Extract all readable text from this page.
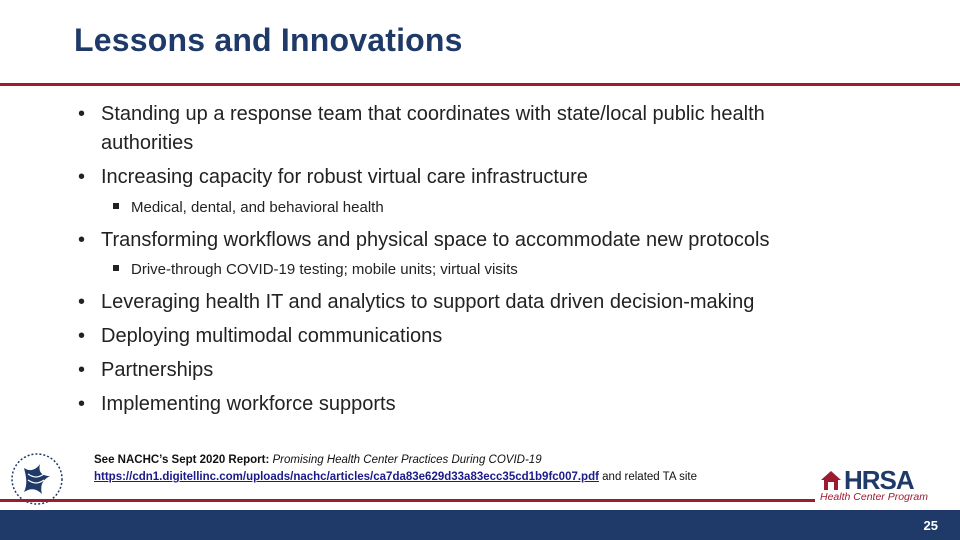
Lessons and Innovations
• Standing up a response team that coordinates with state/local public health authorities
• Increasing capacity for robust virtual care infrastructure
Medical, dental, and behavioral health
• Transforming workflows and physical space to accommodate new protocols
Drive-through COVID-19 testing; mobile units; virtual visits
• Leveraging health IT and analytics to support data driven decision-making
• Deploying multimodal communications
• Partnerships
• Implementing workforce supports
See NACHC’s Sept 2020 Report: Promising Health Center Practices During COVID-19
https://cdn1.digitellinc.com/uploads/nachc/articles/ca7da83e629d33a83ecc35cd1b9fc007.pdf and related TA site	HRSA
Health Center Program
25
